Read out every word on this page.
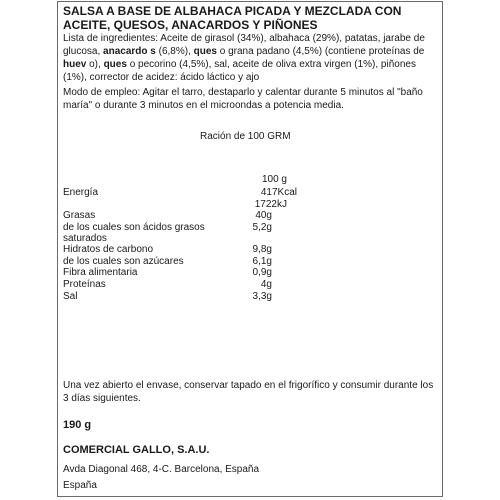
SALSA A BASE DE ALBAHACA PICADA Y MEZCLADA CON
ACEITE, QUESOS, ANACARDOS Y PIÑONES
Lista de ingredientes: Aceite de girasol (34%), albahaca (29%), patatas, jarabe de glucosa, anacardo s (6,8%), ques o grana padano (4,5%) (contiene proteínas de huev o), ques o pecorino (4,5%), sal, aceite de oliva extra virgen (1%), piñones (1%), corrector de acidez: ácido láctico y ajo
Modo de empleo: Agitar el tarro, destaparlo y calentar durante 5 minutos al "baño maría" o durante 3 minutos en el microondas a potencia media.
Ración de 100 GRM
100 g
Energía	417Kcal
1722kJ
Grasas	40g
de los cuales son ácidos grasos	5,2g
saturados
Hidratos de carbono	9,8g
de los cuales son azúcares	6,1g
Fibra alimentaria	0,9g
Proteínas	4g
Sal	3,3g
Una vez abierto el envase, conservar tapado en el frigorífico y consumir durante los 3 días siguientes.
190 g
COMERCIAL GALLO, S.A.U.
Avda Diagonal 468, 4-C. Barcelona, España
España
